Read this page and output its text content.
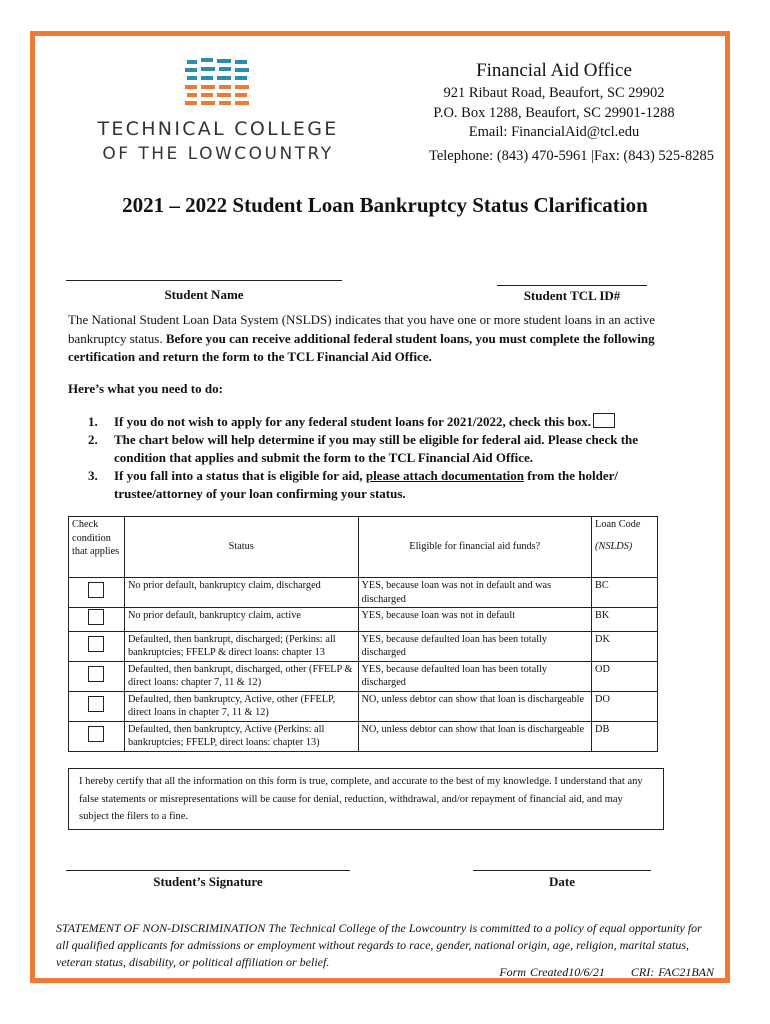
TECHNICAL COLLEGE
OF THE LOWCOUNTRY
Financial Aid Office
921 Ribaut Road, Beaufort, SC 29902
P.O. Box 1288, Beaufort, SC 29901-1288
Email: FinancialAid@tcl.edu
Telephone: (843) 470-5961 |Fax: (843) 525-8285
2021 – 2022 Student Loan Bankruptcy Status Clarification
Student Name	Student TCL ID#
The National Student Loan Data System (NSLDS) indicates that you have one or more student loans in an active bankruptcy status. Before you can receive additional federal student loans, you must complete the following certification and return the form to the TCL Financial Aid Office.
Here’s what you need to do:
1. If you do not wish to apply for any federal student loans for 2021/2022, check this box.
2. The chart below will help determine if you may still be eligible for federal aid. Please check the condition that applies and submit the form to the TCL Financial Aid Office.
3. If you fall into a status that is eligible for aid, please attach documentation from the holder/ trustee/attorney of your loan confirming your status.
Check condition that applies	Status	Eligible for financial aid funds?	Loan Code
(NSLDS)

	No prior default, bankruptcy claim, discharged	YES, because loan was not in default and was discharged	BC
	No prior default, bankruptcy claim, active	YES, because loan was not in default	BK
	Defaulted, then bankrupt, discharged; (Perkins: all bankruptcies; FFELP & direct loans: chapter 13	YES, because defaulted loan has been totally discharged	DK
	Defaulted, then bankrupt, discharged, other (FFELP & direct loans: chapter 7, 11 & 12)	YES, because defaulted loan has been totally discharged	OD
	Defaulted, then bankruptcy, Active, other (FFELP, direct loans in chapter 7, 11 & 12)	NO, unless debtor can show that loan is dischargeable	DO
	Defaulted, then bankruptcy, Active (Perkins: all bankruptcies; FFELP, direct loans: chapter 13)	NO, unless debtor can show that loan is dischargeable	DB
I hereby certify that all the information on this form is true, complete, and accurate to the best of my knowledge. I understand that any false statements or misrepresentations will be cause for denial, reduction, withdrawal, and/or repayment of financial aid, and may subject the filers to a fine.
Student’s Signature	Date
STATEMENT OF NON-DISCRIMINATION The Technical College of the Lowcountry is committed to a policy of equal opportunity for all qualified applicants for admissions or employment without regards to race, gender, national origin, age, religion, marital status, veteran status, disability, or political affiliation or belief.
Form Created10/6/21 CRI: FAC21BAN
